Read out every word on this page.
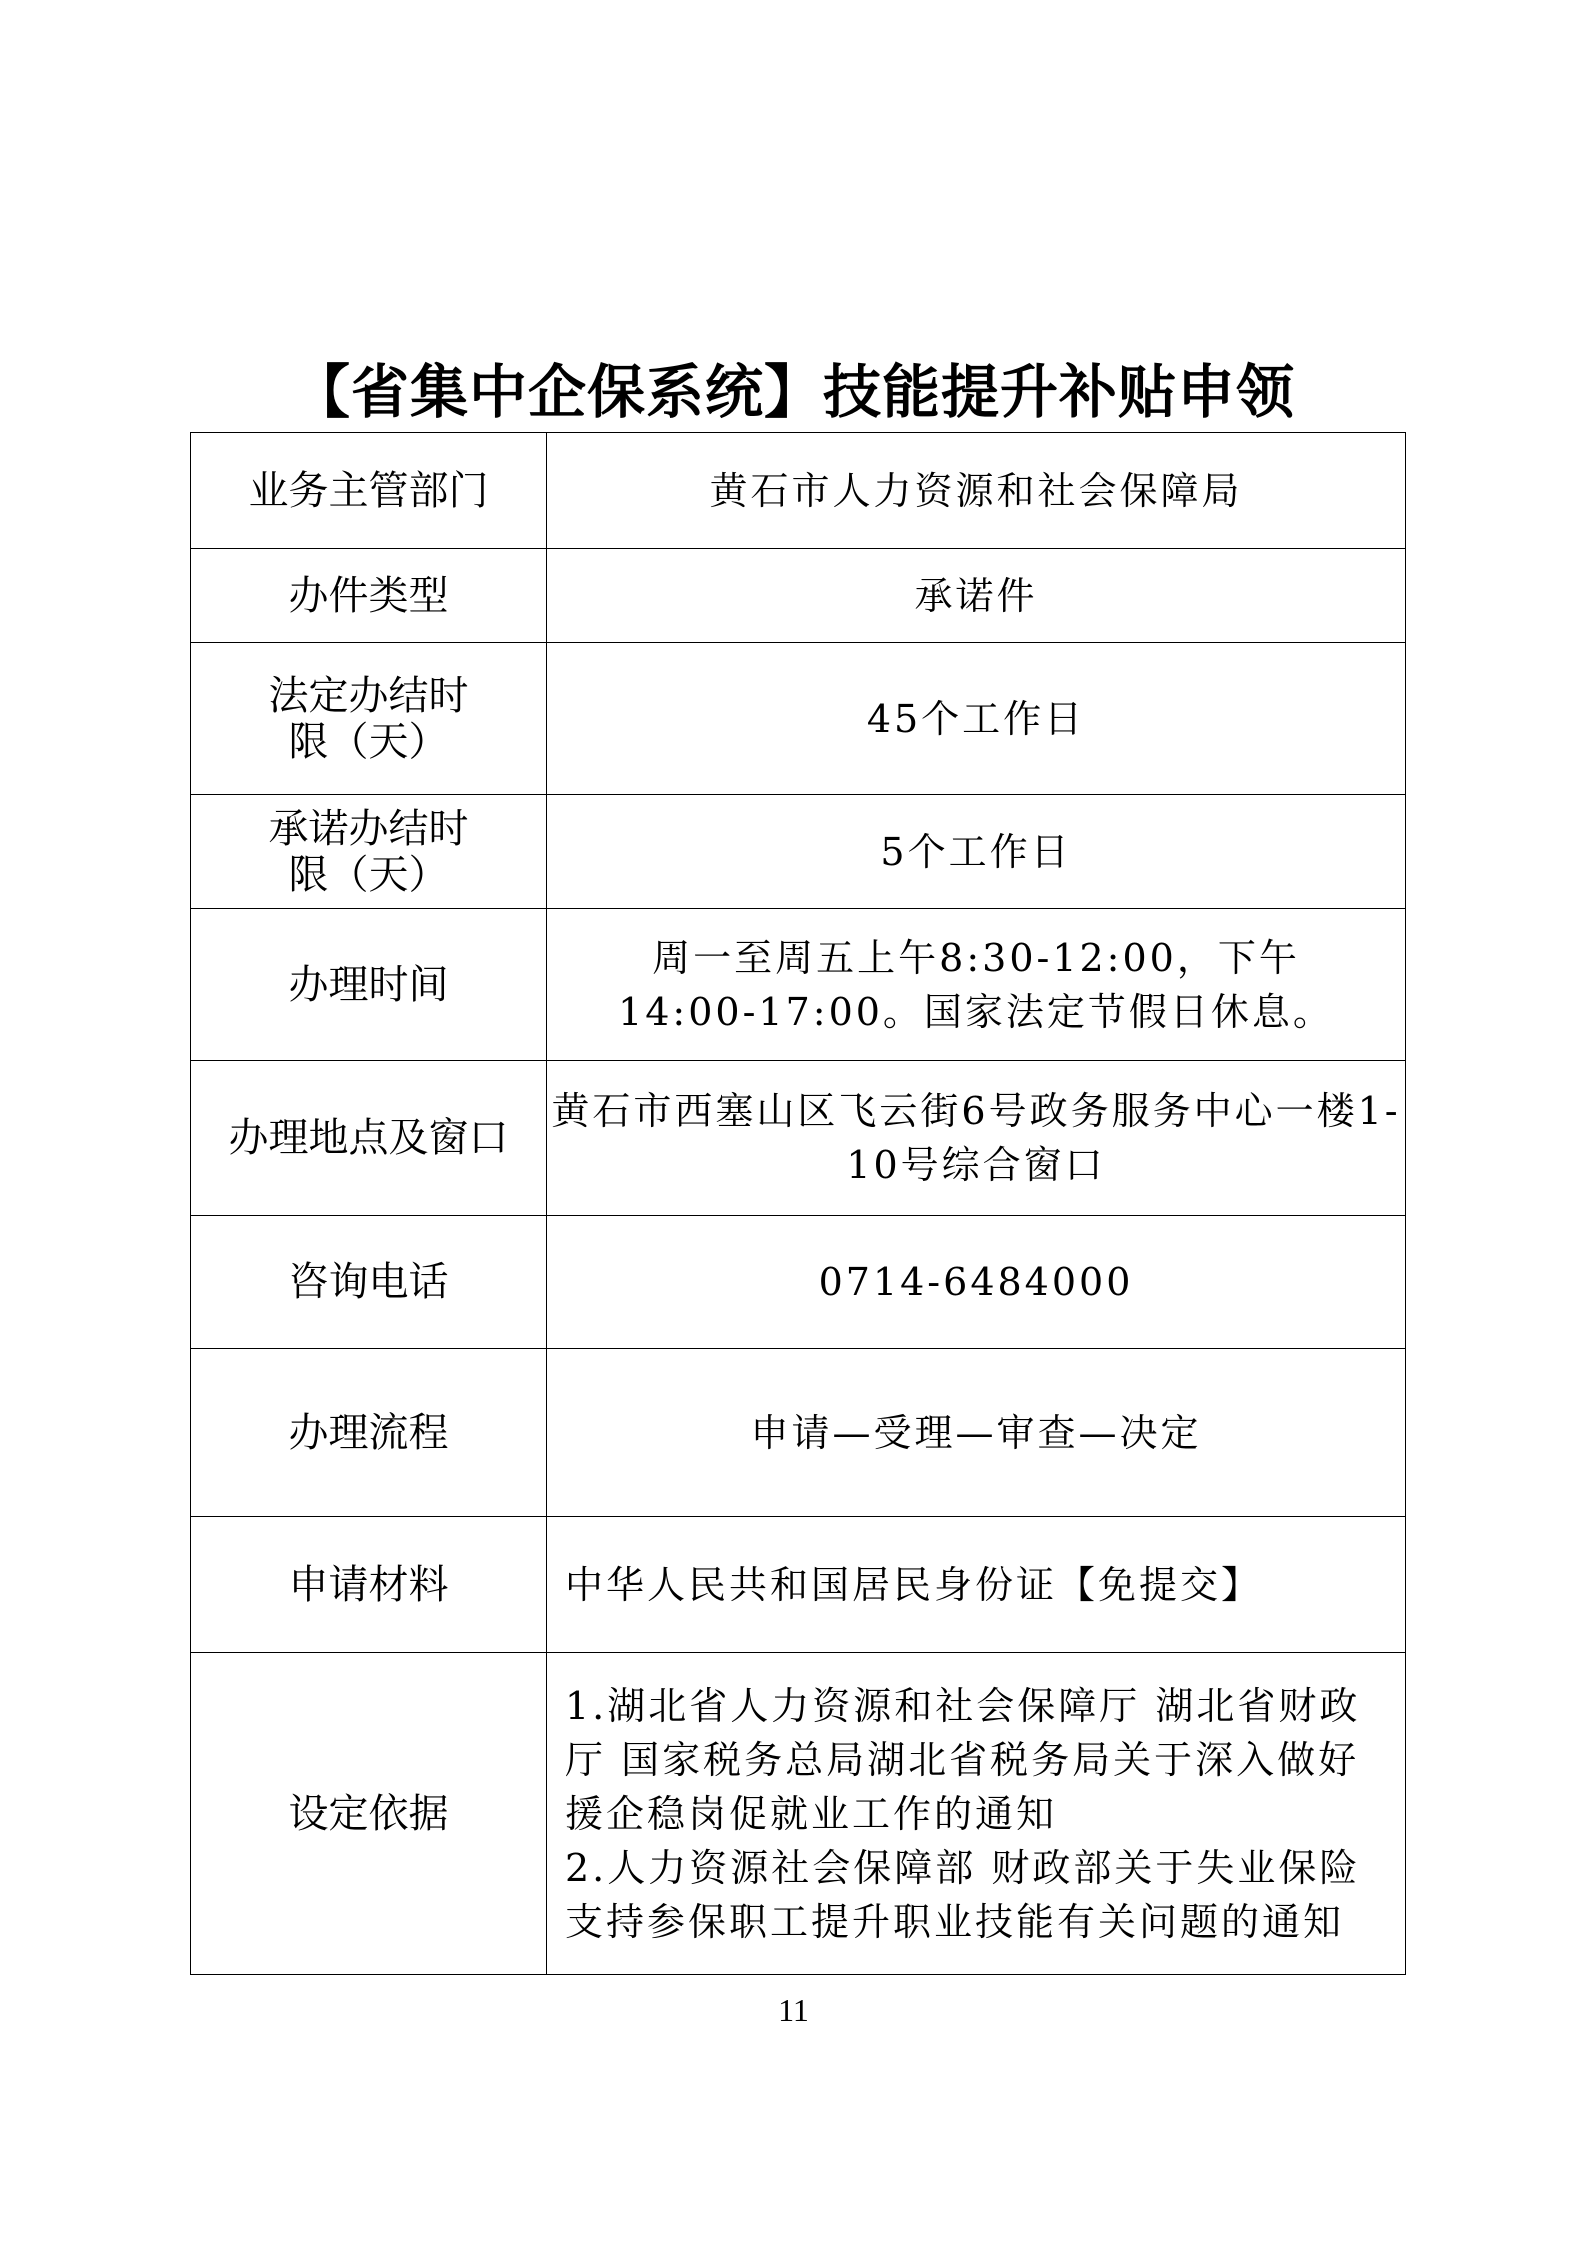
【省集中企保系统】技能提升补贴申领
业务主管部门	黄石市人力资源和社会保障局
办件类型	承诺件
法定办结时限（天）	45个工作日
承诺办结时限（天）	5个工作日
办理时间	周一至周五上午8:30-12:00，下午14:00-17:00。国家法定节假日休息。
办理地点及窗口	黄石市西塞山区飞云街6号政务服务中心一楼1-10号综合窗口
咨询电话	0714-6484000
办理流程	申请—受理—审查—决定
申请材料	中华人民共和国居民身份证【免提交】
设定依据	1.湖北省人力资源和社会保障厅 湖北省财政厅 国家税务总局湖北省税务局关于深入做好援企稳岗促就业工作的通知
2.人力资源社会保障部 财政部关于失业保险支持参保职工提升职业技能有关问题的通知
11
